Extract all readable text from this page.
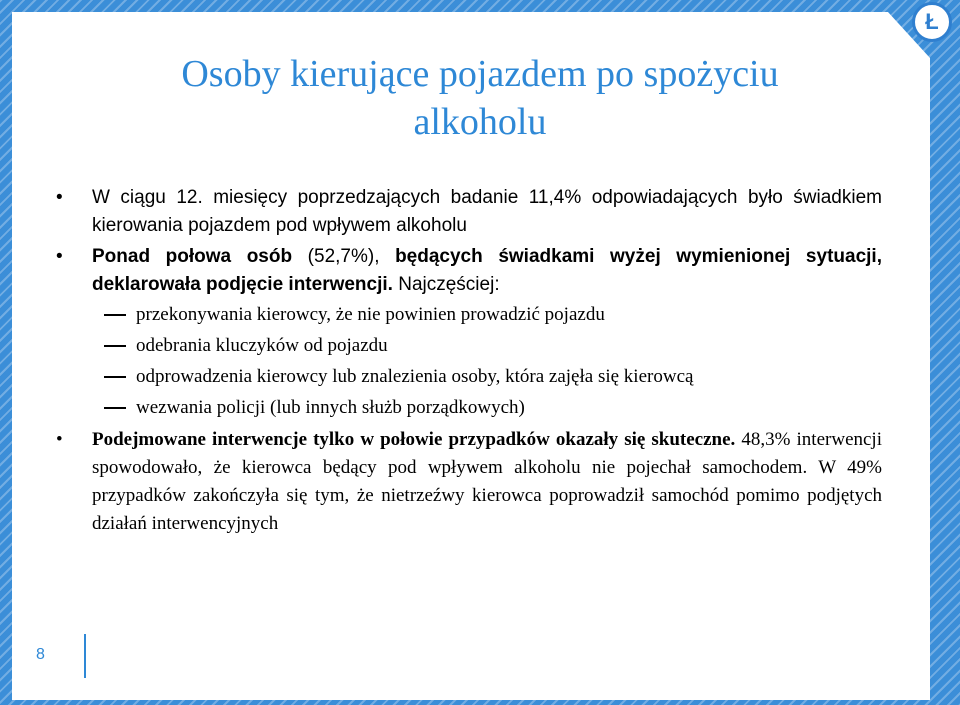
Ł
Osoby kierujące pojazdem po spożyciu
alkoholu
• W ciągu 12. miesięcy poprzedzających badanie 11,4% odpowiadających było świadkiem kierowania pojazdem pod wpływem alkoholu
• Ponad połowa osób (52,7%), będących świadkami wyżej wymienionej sytuacji, deklarowała podjęcie interwencji. Najczęściej:
przekonywania kierowcy, że nie powinien prowadzić pojazdu
odebrania kluczyków od pojazdu
odprowadzenia kierowcy lub znalezienia osoby, która zajęła się kierowcą
wezwania policji (lub innych służb porządkowych)
• Podejmowane interwencje tylko w połowie przypadków okazały się skuteczne. 48,3% interwencji spowodowało, że kierowca będący pod wpływem alkoholu nie pojechał samochodem. W 49% przypadków zakończyła się tym, że nietrzeźwy kierowca poprowadził samochód pomimo podjętych działań interwencyjnych
8
